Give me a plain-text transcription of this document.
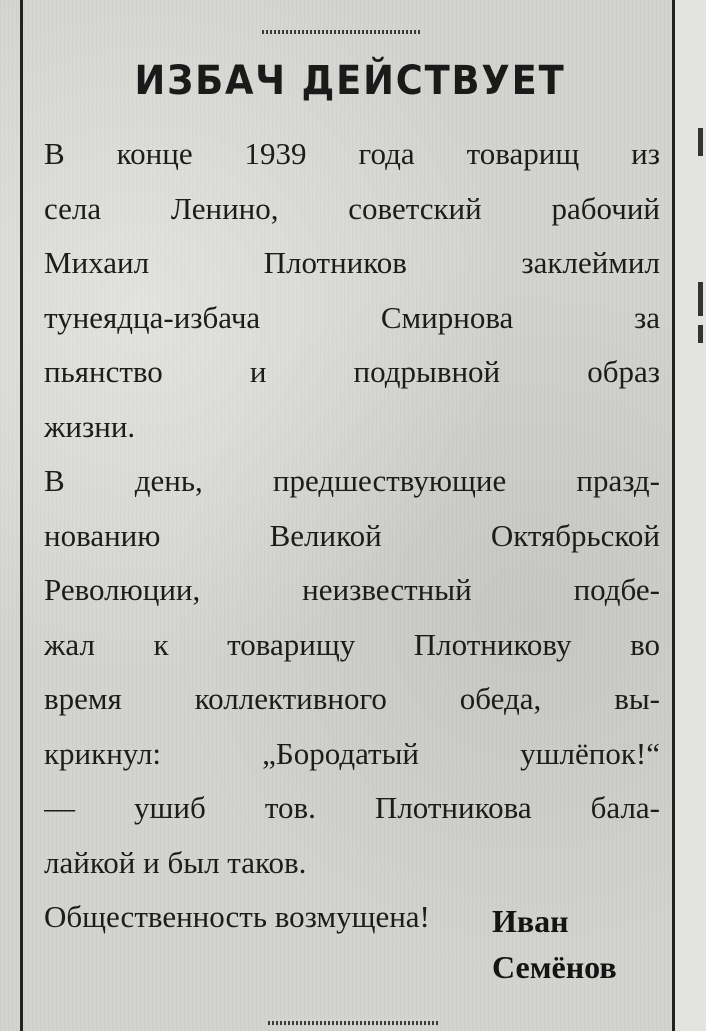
ИЗБАЧ ДЕЙСТВУЕТ
В конце 1939 года товарищ из
села Ленино, советский рабочий
Михаил Плотников заклеймил
тунеядца-избача Смирнова за
пьянство и подрывной образ
жизни.
В день, предшествующие празд-
нованию Великой Октябрьской
Революции, неизвестный подбе-
жал к товарищу Плотникову во
время коллективного обеда, вы-
крикнул: „Бородатый ушлёпок!“
— ушиб тов. Плотникова бала-
лайкой и был таков.
Общественность возмущена!	Иван
Семёнов
